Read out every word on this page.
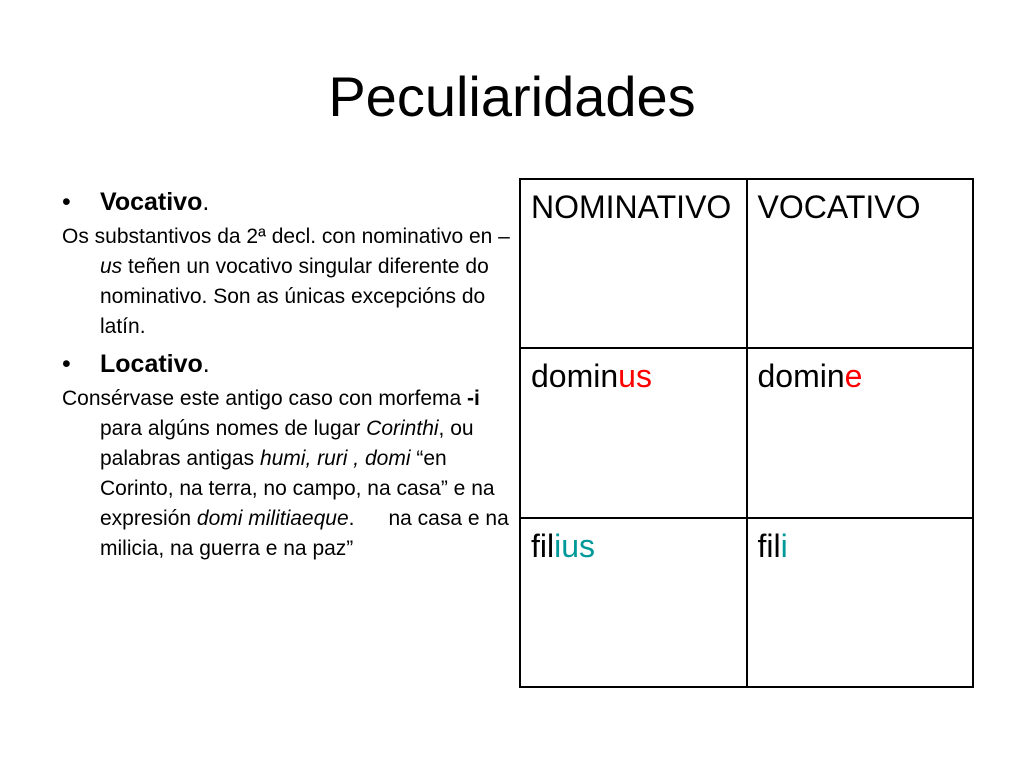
Peculiaridades
• Vocativo.
Os substantivos da 2ª decl. con nominativo en –us teñen un vocativo singular diferente do nominativo. Son as únicas excepcións do latín.
• Locativo.
Consérvase este antigo caso con morfema -i para algúns nomes de lugar Corinthi, ou palabras antigas humi, ruri , domi “en Corinto, na terra, no campo, na casa” e na expresión domi militiaeque. na casa e na milicia, na guerra e na paz”
NOMINATIVO	VOCATIVO
dominus	domine
filius	fili
